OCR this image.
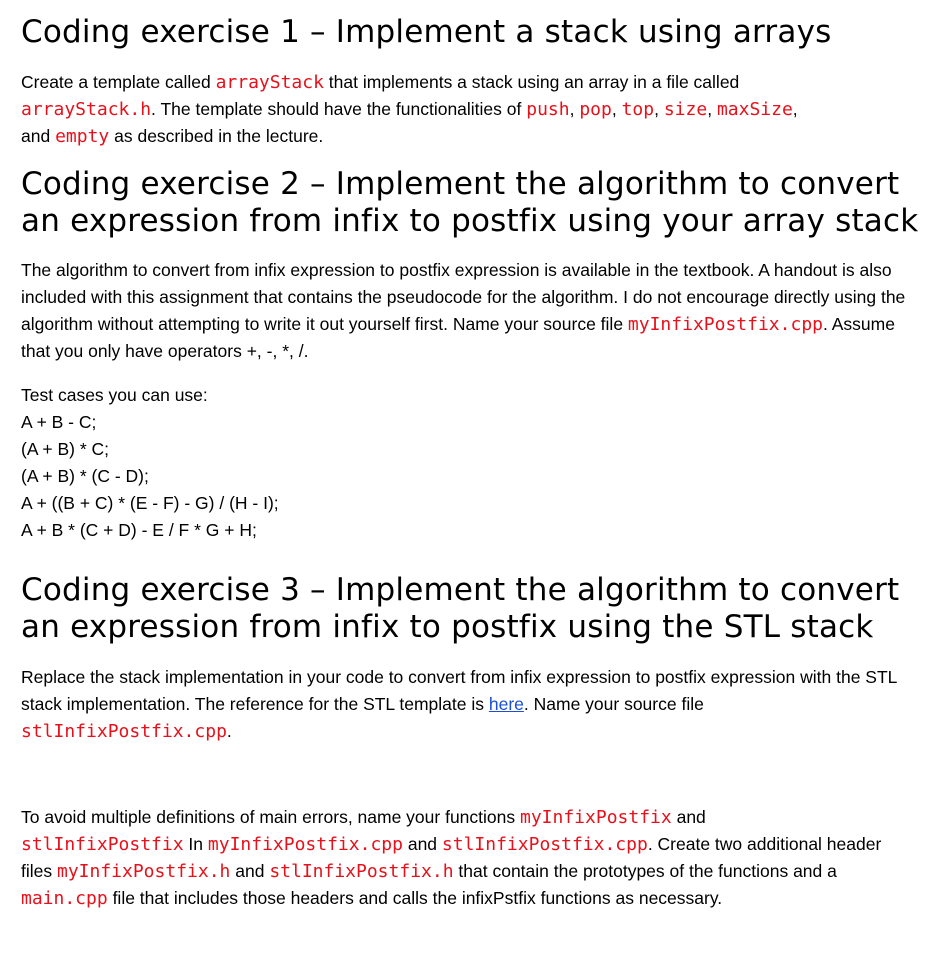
Coding exercise 1 – Implement a stack using arrays

Create a template called arrayStack that implements a stack using an array in a file called
arrayStack.h. The template should have the functionalities of push, pop, top, size, maxSize,
and empty as described in the lecture.

Coding exercise 2 – Implement the algorithm to convert
an expression from infix to postfix using your array stack

The algorithm to convert from infix expression to postfix expression is available in the textbook. A handout is also included with this assignment that contains the pseudocode for the algorithm. I do not encourage directly using the algorithm without attempting to write it out yourself first. Name your source file myInfixPostfix.cpp. Assume that you only have operators +, -, *, /.

Test cases you can use:

A + B - C;
(A + B) * C;
(A + B) * (C - D);
A + ((B + C) * (E - F) - G) / (H - I);
A + B * (C + D) - E / F * G + H;

Coding exercise 3 – Implement the algorithm to convert
an expression from infix to postfix using the STL stack

Replace the stack implementation in your code to convert from infix expression to postfix expression with the STL stack implementation. The reference for the STL template is here. Name your source file stlInfixPostfix.cpp.

To avoid multiple definitions of main errors, name your functions myInfixPostfix and
stlInfixPostfix In myInfixPostfix.cpp and stlInfixPostfix.cpp. Create two additional header files myInfixPostfix.h and stlInfixPostfix.h that contain the prototypes of the functions and a main.cpp file that includes those headers and calls the infixPstfix functions as necessary.
